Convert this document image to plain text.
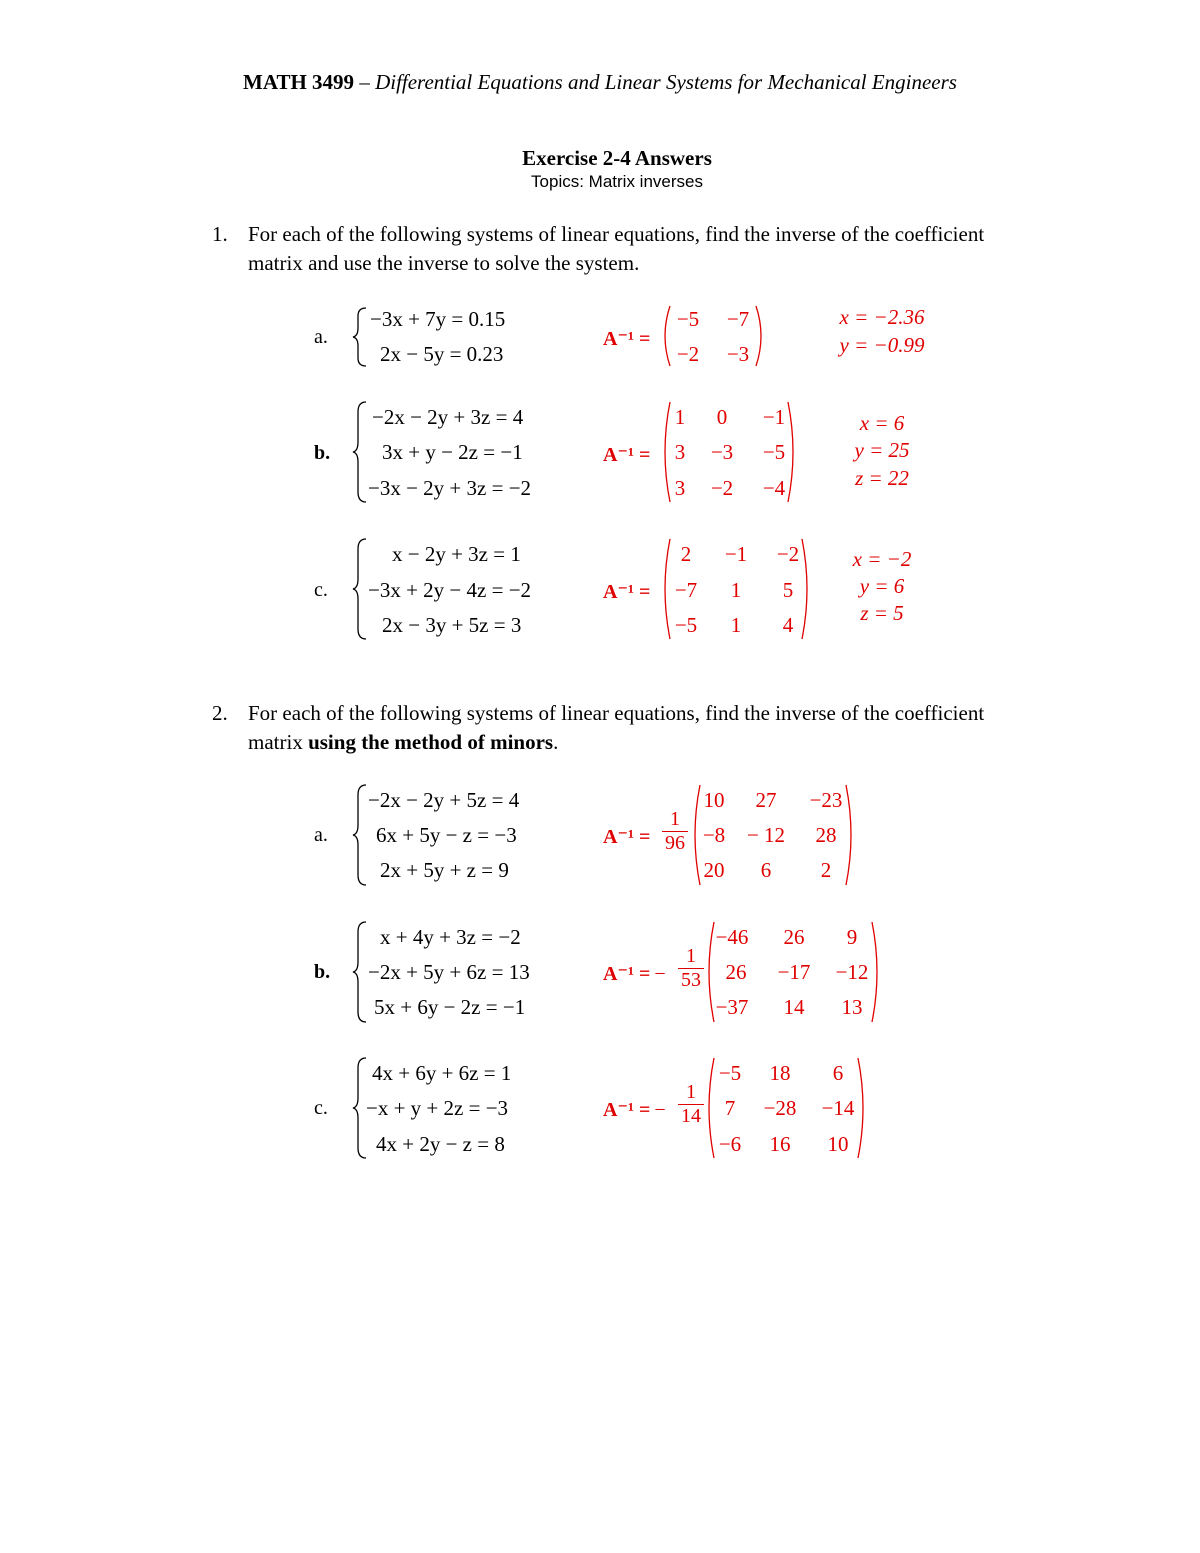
MATH 3499 – Differential Equations and Linear Systems for Mechanical Engineers
Exercise 2-4 Answers
Topics: Matrix inverses
1. For each of the following systems of linear equations, find the inverse of the coefficient matrix and use the inverse to solve the system.
a.
−3x + 7y = 0.15
2x − 5y = 0.23
A⁻¹ =
−5	−7
−2	−3
x = −2.36
y = −0.99
b.
−2x − 2y + 3z = 4
3x + y − 2z = −1
−3x − 2y + 3z = −2
A⁻¹ =
1	0	−1
3	−3	−5
3	−2	−4
x = 6
y = 25
z = 22
c.
x − 2y + 3z = 1
−3x + 2y − 4z = −2
2x − 3y + 5z = 3
A⁻¹ =
2	−1	−2
−7	1	5
−5	1	4
x = −2
y = 6
z = 5
2. For each of the following systems of linear equations, find the inverse of the coefficient matrix using the method of minors.
a.
−2x − 2y + 5z = 4
6x + 5y − z = −3
2x + 5y + z = 9
A⁻¹ =
1
96
10	27	−23
−8	− 12	28
20	6	2
b.
x + 4y + 3z = −2
−2x + 5y + 6z = 13
5x + 6y − 2z = −1
A⁻¹ = −
1
53
−46	26	9
26	−17	−12
−37	14	13
c.
4x + 6y + 6z = 1
−x + y + 2z = −3
4x + 2y − z = 8
A⁻¹ = −
1
14
−5	18	6
7	−28	−14
−6	16	10
